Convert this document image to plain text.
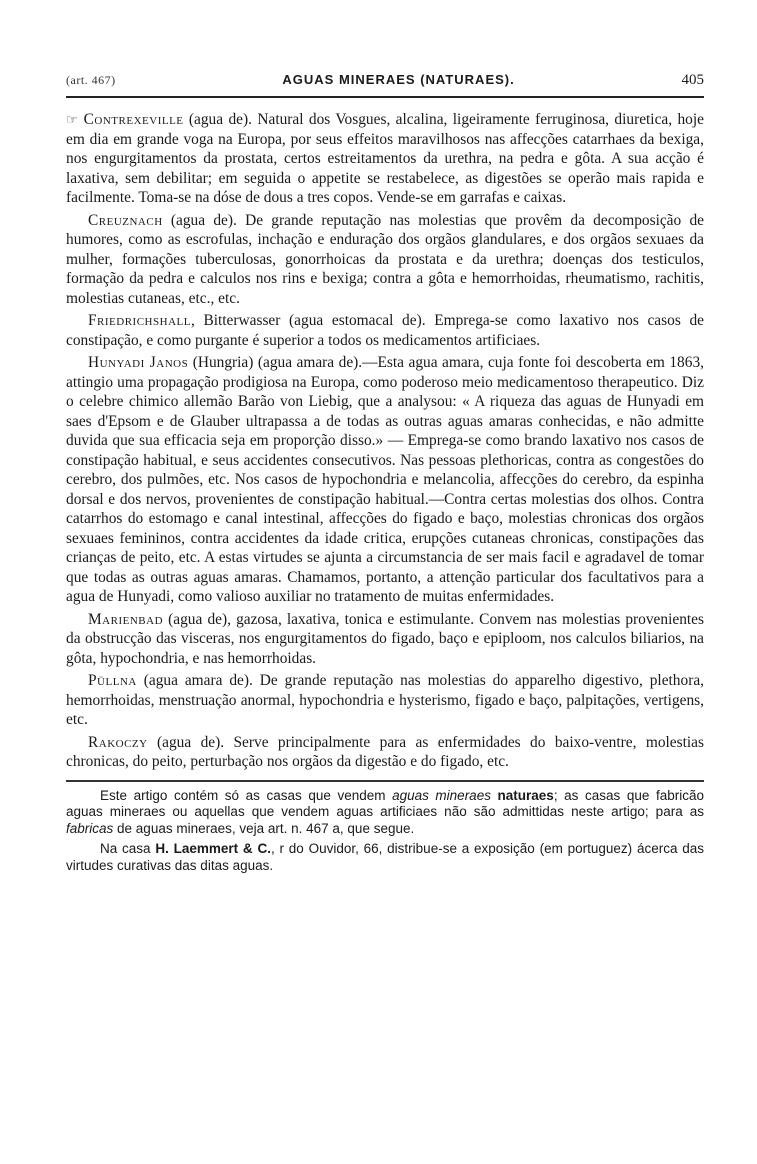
(art. 467)	AGUAS MINERAES (NATURAES).	405

☞ Contrexeville (agua de). Natural dos Vosgues, alcalina, ligeiramente ferruginosa, diuretica, hoje em dia em grande voga na Europa, por seus effeitos maravilhosos nas affecções catarrhaes da bexiga, nos engurgitamentos da prostata, certos estreitamentos da urethra, na pedra e gôta. A sua acção é laxativa, sem debilitar; em seguida o appetite se restabelece, as digestões se operão mais rapida e facilmente. Toma-se na dóse de dous a tres copos. Vende-se em garrafas e caixas.

Creuznach (agua de). De grande reputação nas molestias que provêm da decomposição de humores, como as escrofulas, inchação e enduração dos orgãos glandulares, e dos orgãos sexuaes da mulher, formações tuberculosas, gonorrhoicas da prostata e da urethra; doenças dos testiculos, formação da pedra e calculos nos rins e bexiga; contra a gôta e hemorrhoidas, rheumatismo, rachitis, molestias cutaneas, etc., etc.

Friedrichshall, Bitterwasser (agua estomacal de). Emprega-se como laxativo nos casos de constipação, e como purgante é superior a todos os medicamentos artificiaes.

Hunyadi Janos (Hungria) (agua amara de).—Esta agua amara, cuja fonte foi descoberta em 1863, attingio uma propagação prodigiosa na Europa, como poderoso meio medicamentoso therapeutico. Diz o celebre chimico allemão Barão von Liebig, que a analysou: « A riqueza das aguas de Hunyadi em saes d'Epsom e de Glauber ultrapassa a de todas as outras aguas amaras conhecidas, e não admitte duvida que sua efficacia seja em proporção disso.» — Emprega-se como brando laxativo nos casos de constipação habitual, e seus accidentes consecutivos. Nas pessoas plethoricas, contra as congestões do cerebro, dos pulmões, etc. Nos casos de hypochondria e melancolia, affecções do cerebro, da espinha dorsal e dos nervos, provenientes de constipação habitual.—Contra certas molestias dos olhos. Contra catarrhos do estomago e canal intestinal, affecções do figado e baço, molestias chronicas dos orgãos sexuaes femininos, contra accidentes da idade critica, erupções cutaneas chronicas, constipações das crianças de peito, etc. A estas virtudes se ajunta a circumstancia de ser mais facil e agradavel de tomar que todas as outras aguas amaras. Chamamos, portanto, a attenção particular dos facultativos para a agua de Hunyadi, como valioso auxiliar no tratamento de muitas enfermidades.

Marienbad (agua de), gazosa, laxativa, tonica e estimulante. Convem nas molestias provenientes da obstrucção das visceras, nos engurgitamentos do figado, baço e epiploom, nos calculos biliarios, na gôta, hypochondria, e nas hemorrhoidas.

Püllna (agua amara de). De grande reputação nas molestias do apparelho digestivo, plethora, hemorrhoidas, menstruação anormal, hypochondria e hysterismo, figado e baço, palpitações, vertigens, etc.

Rakoczy (agua de). Serve principalmente para as enfermidades do baixo-ventre, molestias chronicas, do peito, perturbação nos orgãos da digestão e do figado, etc.

Este artigo contém só as casas que vendem aguas mineraes naturaes; as casas que fabricão aguas mineraes ou aquellas que vendem aguas artificiaes não são admittidas neste artigo; para as fabricas de aguas mineraes, veja art. n. 467 a, que segue.

Na casa H. Laemmert & C., r do Ouvidor, 66, distribue-se a exposição (em portuguez) ácerca das virtudes curativas das ditas aguas.
